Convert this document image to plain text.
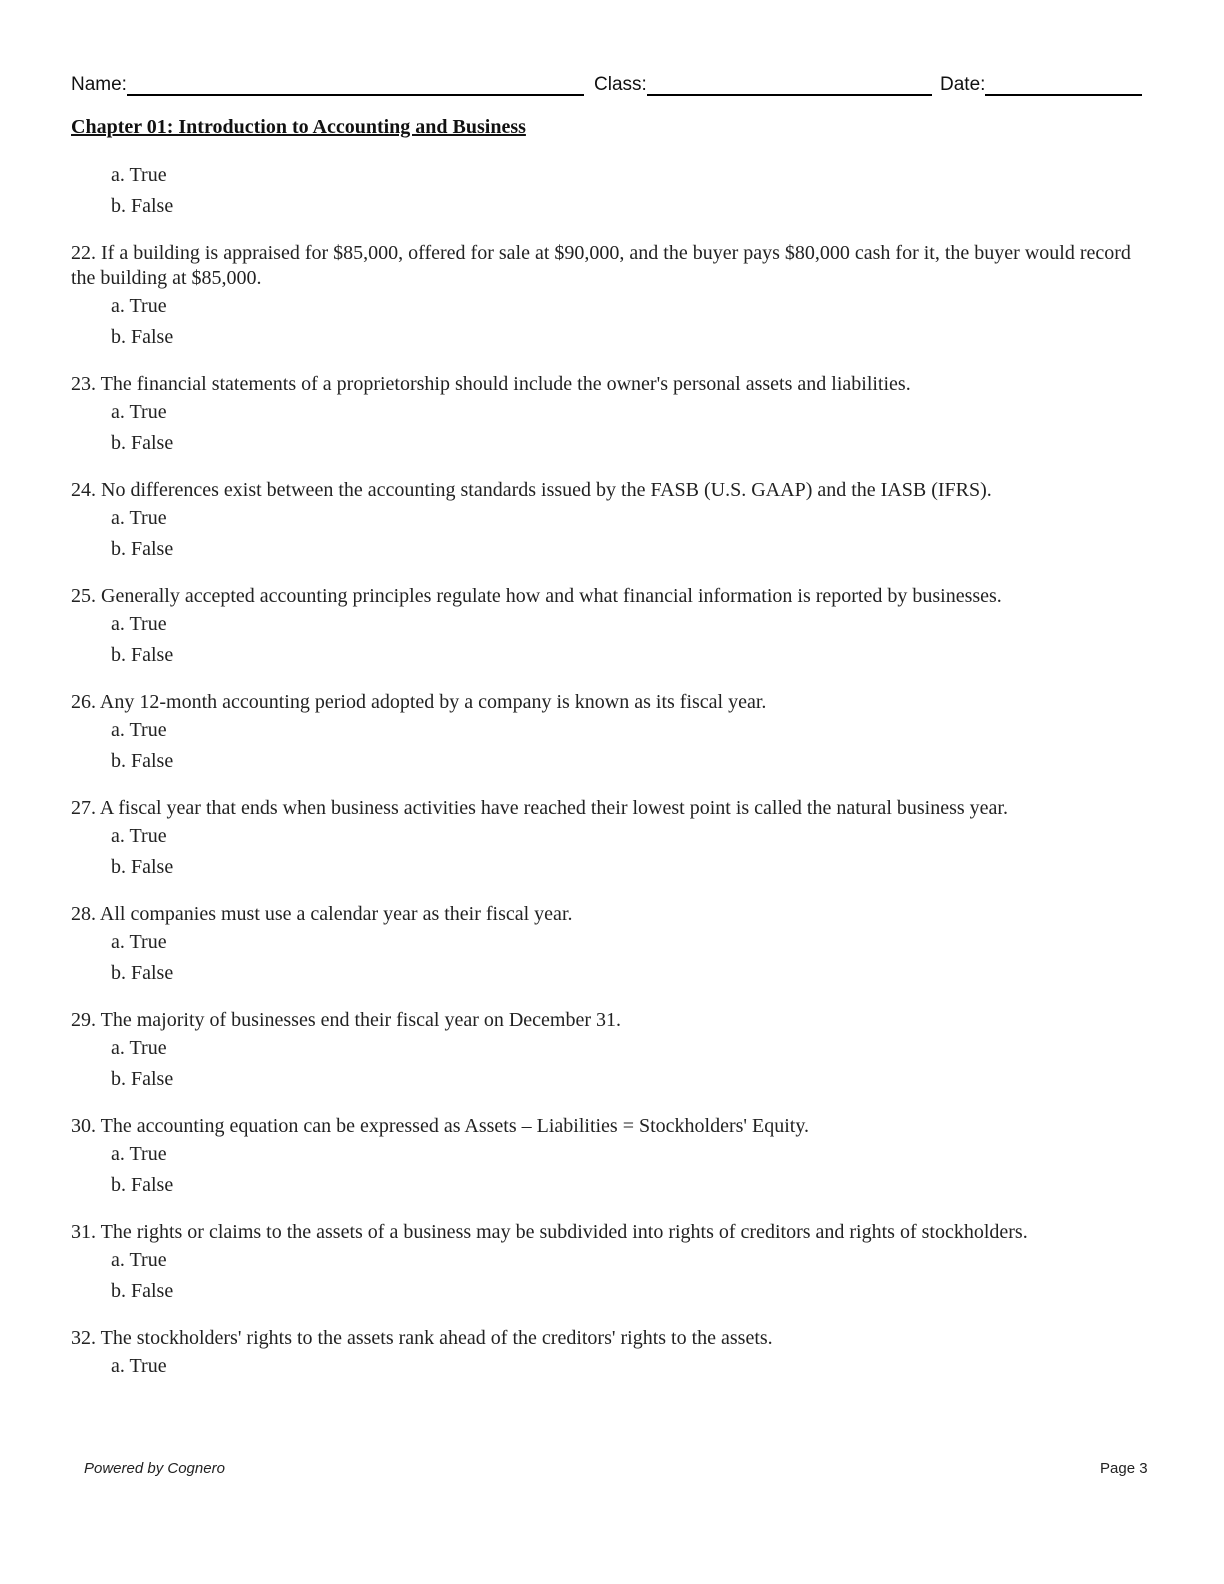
Name:	Class:	Date:
Chapter 01: Introduction to Accounting and Business
a. True
b. False
22. If a building is appraised for $85,000, offered for sale at $90,000, and the buyer pays $80,000 cash for it, the buyer would record the building at $85,000.
a. True
b. False
23. The financial statements of a proprietorship should include the owner's personal assets and liabilities.
a. True
b. False
24. No differences exist between the accounting standards issued by the FASB (U.S. GAAP) and the IASB (IFRS).
a. True
b. False
25. Generally accepted accounting principles regulate how and what financial information is reported by businesses.
a. True
b. False
26. Any 12-month accounting period adopted by a company is known as its fiscal year.
a. True
b. False
27. A fiscal year that ends when business activities have reached their lowest point is called the natural business year.
a. True
b. False
28. All companies must use a calendar year as their fiscal year.
a. True
b. False
29. The majority of businesses end their fiscal year on December 31.
a. True
b. False
30. The accounting equation can be expressed as Assets – Liabilities = Stockholders' Equity.
a. True
b. False
31. The rights or claims to the assets of a business may be subdivided into rights of creditors and rights of stockholders.
a. True
b. False
32. The stockholders' rights to the assets rank ahead of the creditors' rights to the assets.
a. True
Powered by Cognero	Page 3
